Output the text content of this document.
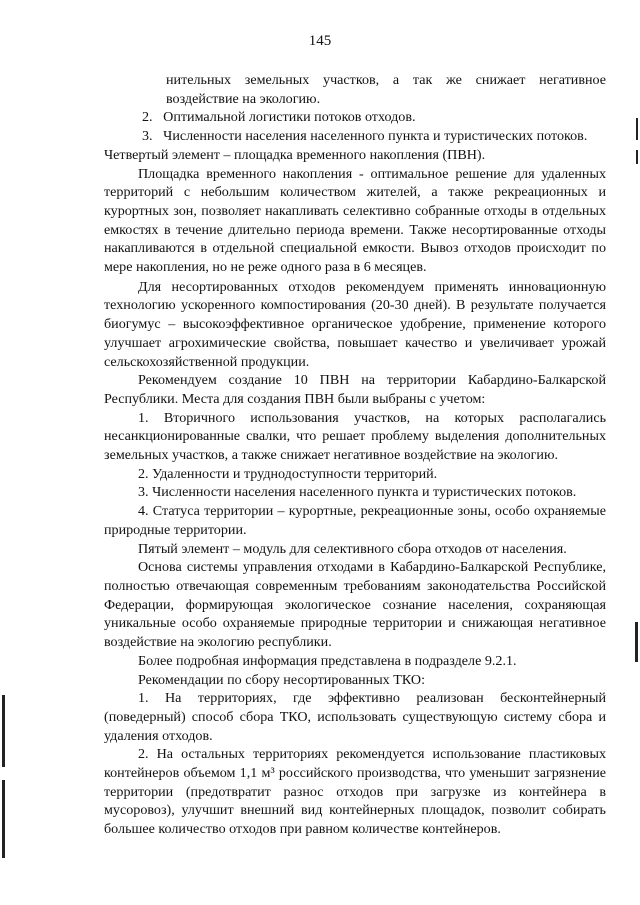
145

нительных земельных участков, а так же снижает негативное воздействие на экологию.

2. Оптимальной логистики потоков отходов.

3. Численности населения населенного пункта и туристических потоков.

Четвертый элемент – площадка временного накопления (ПВН).

Площадка временного накопления - оптимальное решение для удаленных территорий с небольшим количеством жителей, а также рекреационных и курортных зон, позволяет накапливать селективно собранные отходы в отдельных емкостях в течение длительно периода времени. Также несортированные отходы накапливаются в отдельной специальной емкости. Вывоз отходов происходит по мере накопления, но не реже одного раза в 6 месяцев.

Для несортированных отходов рекомендуем применять инновационную технологию ускоренного компостирования (20-30 дней). В результате получается биогумус – высокоэффективное органическое удобрение, применение которого улучшает агрохимические свойства, повышает качество и увеличивает урожай сельскохозяйственной продукции.

Рекомендуем создание 10 ПВН на территории Кабардино-Балкарской Республики. Места для создания ПВН были выбраны с учетом:

1. Вторичного использования участков, на которых располагались несанкционированные свалки, что решает проблему выделения дополнительных земельных участков, а также снижает негативное воздействие на экологию.

2. Удаленности и труднодоступности территорий.

3. Численности населения населенного пункта и туристических потоков.

4. Статуса территории – курортные, рекреационные зоны, особо охраняемые природные территории.

Пятый элемент – модуль для селективного сбора отходов от населения.

Основа системы управления отходами в Кабардино-Балкарской Республике, полностью отвечающая современным требованиям законодательства Российской Федерации, формирующая экологическое сознание населения, сохраняющая уникальные особо охраняемые природные территории и снижающая негативное воздействие на экологию республики.

Более подробная информация представлена в подразделе 9.2.1.

Рекомендации по сбору несортированных ТКО:

1. На территориях, где эффективно реализован бесконтейнерный (поведерный) способ сбора ТКО, использовать существующую систему сбора и удаления отходов.

2. На остальных территориях рекомендуется использование пластиковых контейнеров объемом 1,1 м³ российского производства, что уменьшит загрязнение территории (предотвратит разнос отходов при загрузке из контейнера в мусоровоз), улучшит внешний вид контейнерных площадок, позволит собирать большее количество отходов при равном количестве контейнеров.
